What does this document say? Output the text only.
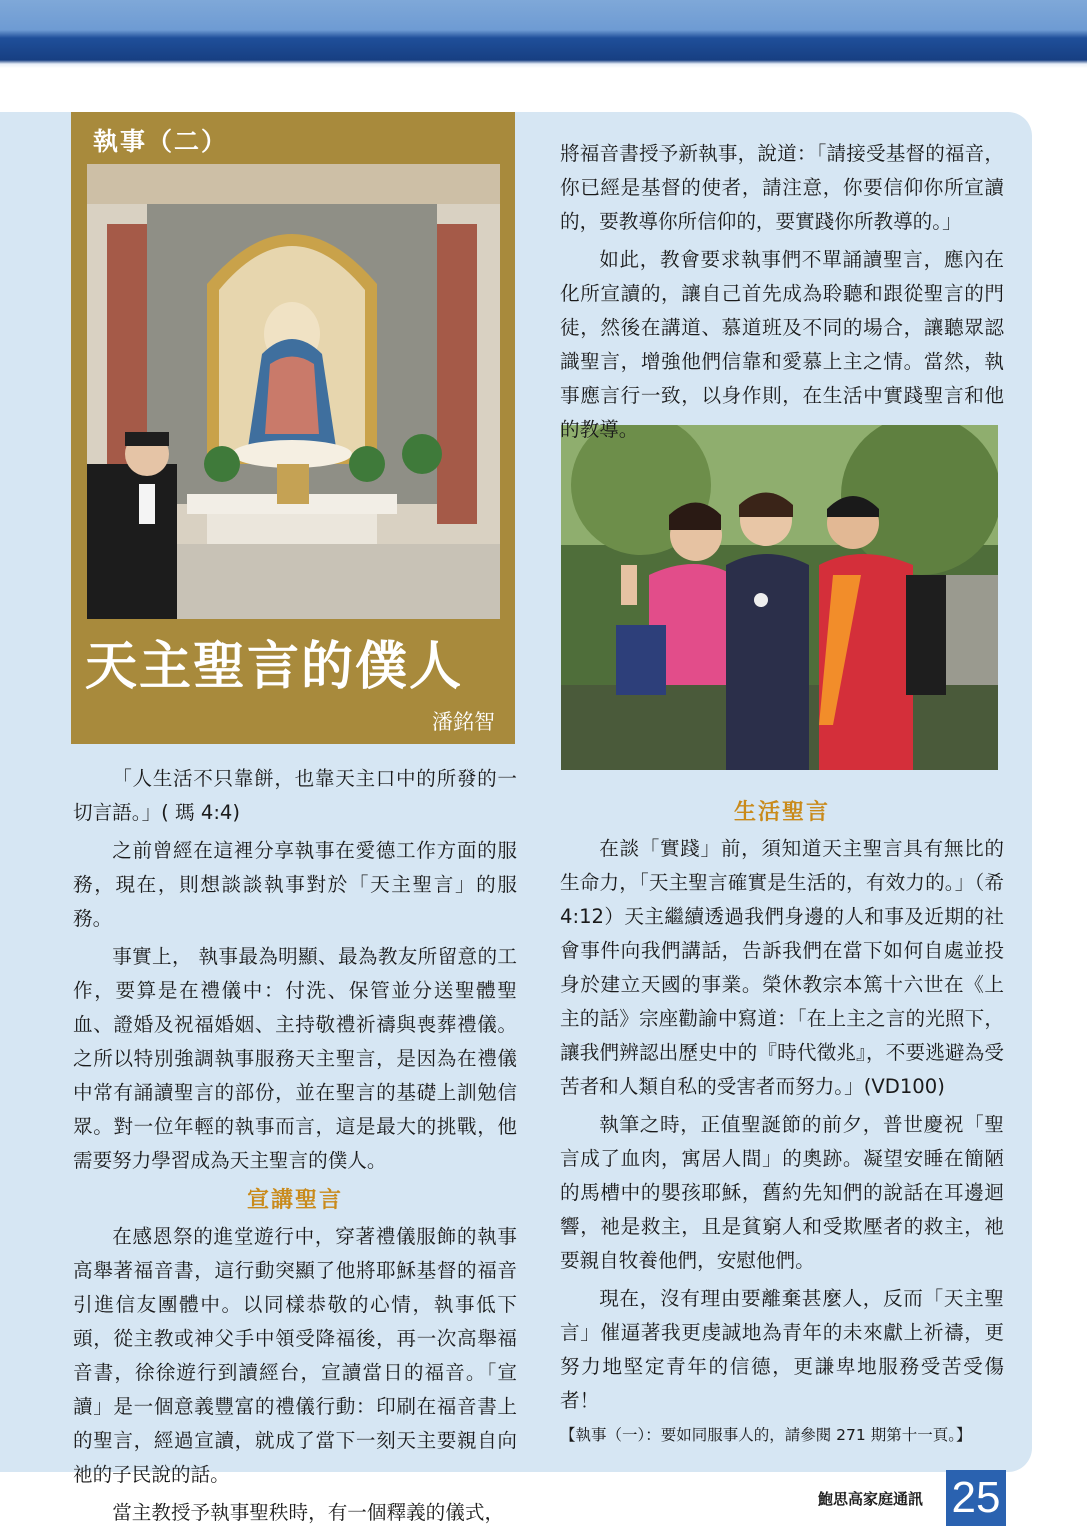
執事（二）
天主聖言的僕人
潘銘智

「人生活不只靠餅，也靠天主口中的所發的一切言語。」( 瑪 4:4)

之前曾經在這裡分享執事在愛德工作方面的服務，現在，則想談談執事對於「天主聖言」的服務。

事實上， 執事最為明顯、最為教友所留意的工作，要算是在禮儀中：付洗、保管並分送聖體聖血、證婚及祝福婚姻、主持敬禮祈禱與喪葬禮儀。之所以特別強調執事服務天主聖言，是因為在禮儀中常有誦讀聖言的部份，並在聖言的基礎上訓勉信眾。對一位年輕的執事而言，這是最大的挑戰，他需要努力學習成為天主聖言的僕人。

宣講聖言

在感恩祭的進堂遊行中，穿著禮儀服飾的執事高舉著福音書，這行動突顯了他將耶穌基督的福音引進信友團體中。以同樣恭敬的心情，執事低下頭，從主教或神父手中領受降福後，再一次高舉福音書，徐徐遊行到讀經台，宣讀當日的福音。「宣讀」是一個意義豐富的禮儀行動：印刷在福音書上的聖言，經過宣讀，就成了當下一刻天主要親自向祂的子民說的話。

當主教授予執事聖秩時，有一個釋義的儀式，

將福音書授予新執事，說道：「請接受基督的福音，你已經是基督的使者，請注意，你要信仰你所宣讀的，要教導你所信仰的，要實踐你所教導的。」

如此，教會要求執事們不單誦讀聖言，應內在化所宣讀的，讓自己首先成為聆聽和跟從聖言的門徒，然後在講道、慕道班及不同的場合，讓聽眾認識聖言，增強他們信靠和愛慕上主之情。當然，執事應言行一致，以身作則，在生活中實踐聖言和他的教導。

生活聖言

在談「實踐」前，須知道天主聖言具有無比的生命力，「天主聖言確實是生活的，有效力的。」（希 4:12）天主繼續透過我們身邊的人和事及近期的社會事件向我們講話，告訴我們在當下如何自處並投身於建立天國的事業。榮休教宗本篤十六世在《上主的話》宗座勸諭中寫道：「在上主之言的光照下，讓我們辨認出歷史中的『時代徵兆』，不要逃避為受苦者和人類自私的受害者而努力。」(VD100)

執筆之時，正值聖誕節的前夕，普世慶祝「聖言成了血肉，寓居人間」的奧跡。凝望安睡在簡陋的馬槽中的嬰孩耶穌，舊約先知們的說話在耳邊迴響，祂是救主，且是貧窮人和受欺壓者的救主，祂要親自牧養他們，安慰他們。

現在，沒有理由要離棄甚麼人，反而「天主聖言」催逼著我更虔誠地為青年的未來獻上祈禱，更努力地堅定青年的信德，更謙卑地服務受苦受傷者！

【執事（一）：要如同服事人的，請參閱 271 期第十一頁。】

鮑思高家庭通訊 25
